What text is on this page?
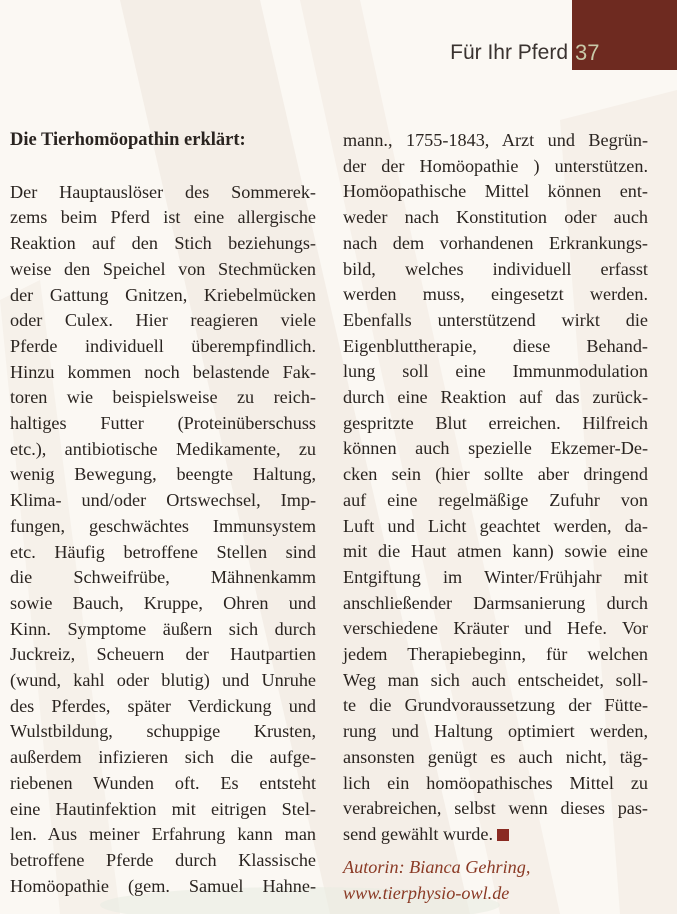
37
Für Ihr Pferd
Die Tierhomöopathin erklärt:
Der Hauptauslöser des Sommerek-
zems beim Pferd ist eine allergische
Reaktion auf den Stich beziehungs-
weise den Speichel von Stechmücken
der Gattung Gnitzen, Kriebelmücken
oder Culex. Hier reagieren viele
Pferde individuell überempfindlich.
Hinzu kommen noch belastende Fak-
toren wie beispielsweise zu reich-
haltiges Futter (Proteinüberschuss
etc.), antibiotische Medikamente, zu
wenig Bewegung, beengte Haltung,
Klima- und/oder Ortswechsel, Imp-
fungen, geschwächtes Immunsystem
etc. Häufig betroffene Stellen sind
die Schweifrübe, Mähnenkamm
sowie Bauch, Kruppe, Ohren und
Kinn. Symptome äußern sich durch
Juckreiz, Scheuern der Hautpartien
(wund, kahl oder blutig) und Unruhe
des Pferdes, später Verdickung und
Wulstbildung, schuppige Krusten,
außerdem infizieren sich die aufge-
riebenen Wunden oft. Es entsteht
eine Hautinfektion mit eitrigen Stel-
len. Aus meiner Erfahrung kann man
betroffene Pferde durch Klassische
Homöopathie (gem. Samuel Hahne-
mann., 1755-1843, Arzt und Begrün-
der der Homöopathie ) unterstützen.
Homöopathische Mittel können ent-
weder nach Konstitution oder auch
nach dem vorhandenen Erkrankungs-
bild, welches individuell erfasst
werden muss, eingesetzt werden.
Ebenfalls unterstützend wirkt die
Eigenbluttherapie, diese Behand-
lung soll eine Immunmodulation
durch eine Reaktion auf das zurück-
gespritzte Blut erreichen. Hilfreich
können auch spezielle Ekzemer-De-
cken sein (hier sollte aber dringend
auf eine regelmäßige Zufuhr von
Luft und Licht geachtet werden, da-
mit die Haut atmen kann) sowie eine
Entgiftung im Winter/Frühjahr mit
anschließender Darmsanierung durch
verschiedene Kräuter und Hefe. Vor
jedem Therapiebeginn, für welchen
Weg man sich auch entscheidet, soll-
te die Grundvoraussetzung der Fütte-
rung und Haltung optimiert werden,
ansonsten genügt es auch nicht, täg-
lich ein homöopathisches Mittel zu
verabreichen, selbst wenn dieses pas-
send gewählt wurde.
Autorin: Bianca Gehring, www.tierphysio-owl.de
